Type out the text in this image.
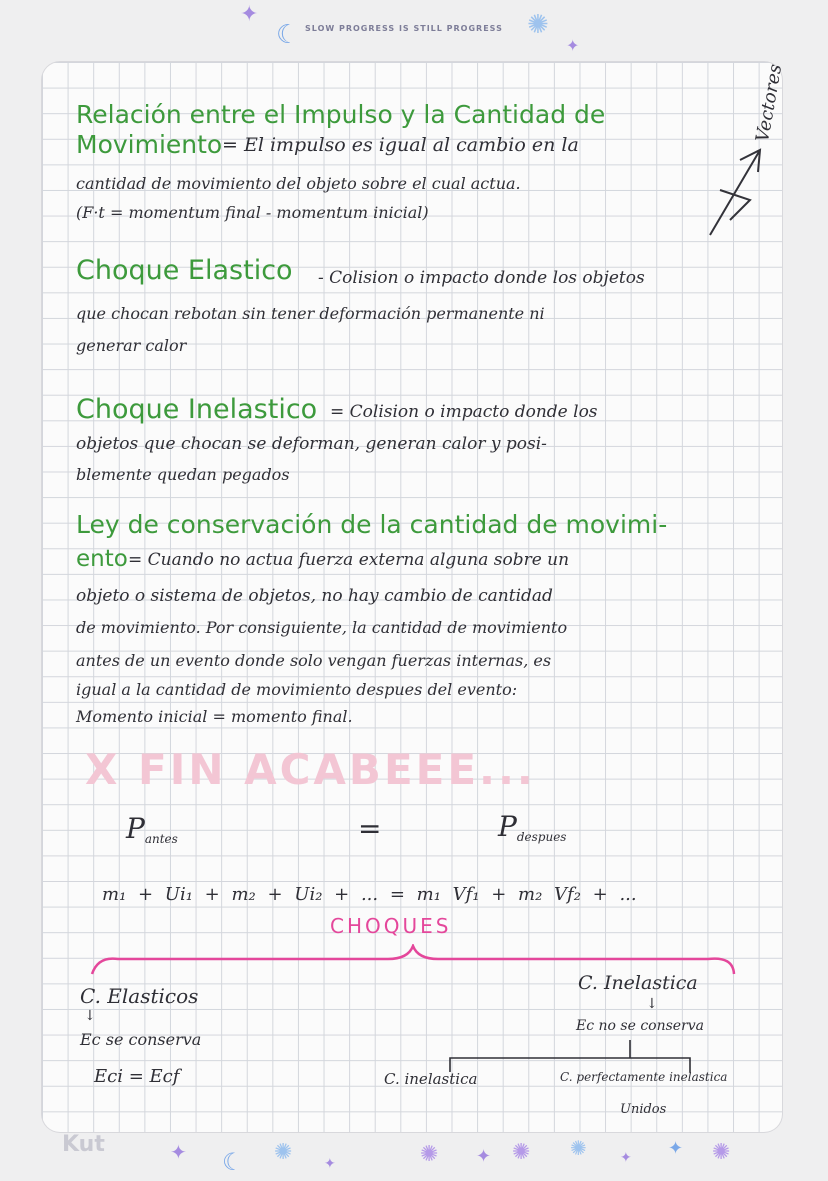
✦
☾ SLOW PROGRESS IS STILL PROGRESS ✺
✦
Relación entre el Impulso y la Cantidad de
Movimiento = El impulso es igual al cambio en la
cantidad de movimiento del objeto sobre el cual actua.
(F·t = momentum final - momentum inicial)
Vectores
Choque Elastico - Colision o impacto donde los objetos
que chocan rebotan sin tener deformación permanente ni
generar calor
Choque Inelastico = Colision o impacto donde los
objetos que chocan se deforman, generan calor y posi-
blemente quedan pegados
Ley de conservación de la cantidad de movimi-
ento = Cuando no actua fuerza externa alguna sobre un
objeto o sistema de objetos, no hay cambio de cantidad
de movimiento. Por consiguiente, la cantidad de movimiento
antes de un evento donde solo vengan fuerzas internas, es
igual a la cantidad de movimiento despues del evento:
Momento inicial = momento final.
X FIN ACABEEE...
$P_{antes}$	=	$P_{despues}$
m₁ + Ui₁ + m₂ + Ui₂ + ... = m₁ Vf₁ + m₂ Vf₂ + ...
CHOQUES
C. Elasticos
↓
Ec se conserva
Eci = Ecf
C. Inelastica
↓
Ec no se conserva
C. inelastica	C. perfectamente inelastica
Unidos
Kut	✦ ☾ ✺ ✦	✺ ✦ ✺ ✺ ✦ ✦ ✺
